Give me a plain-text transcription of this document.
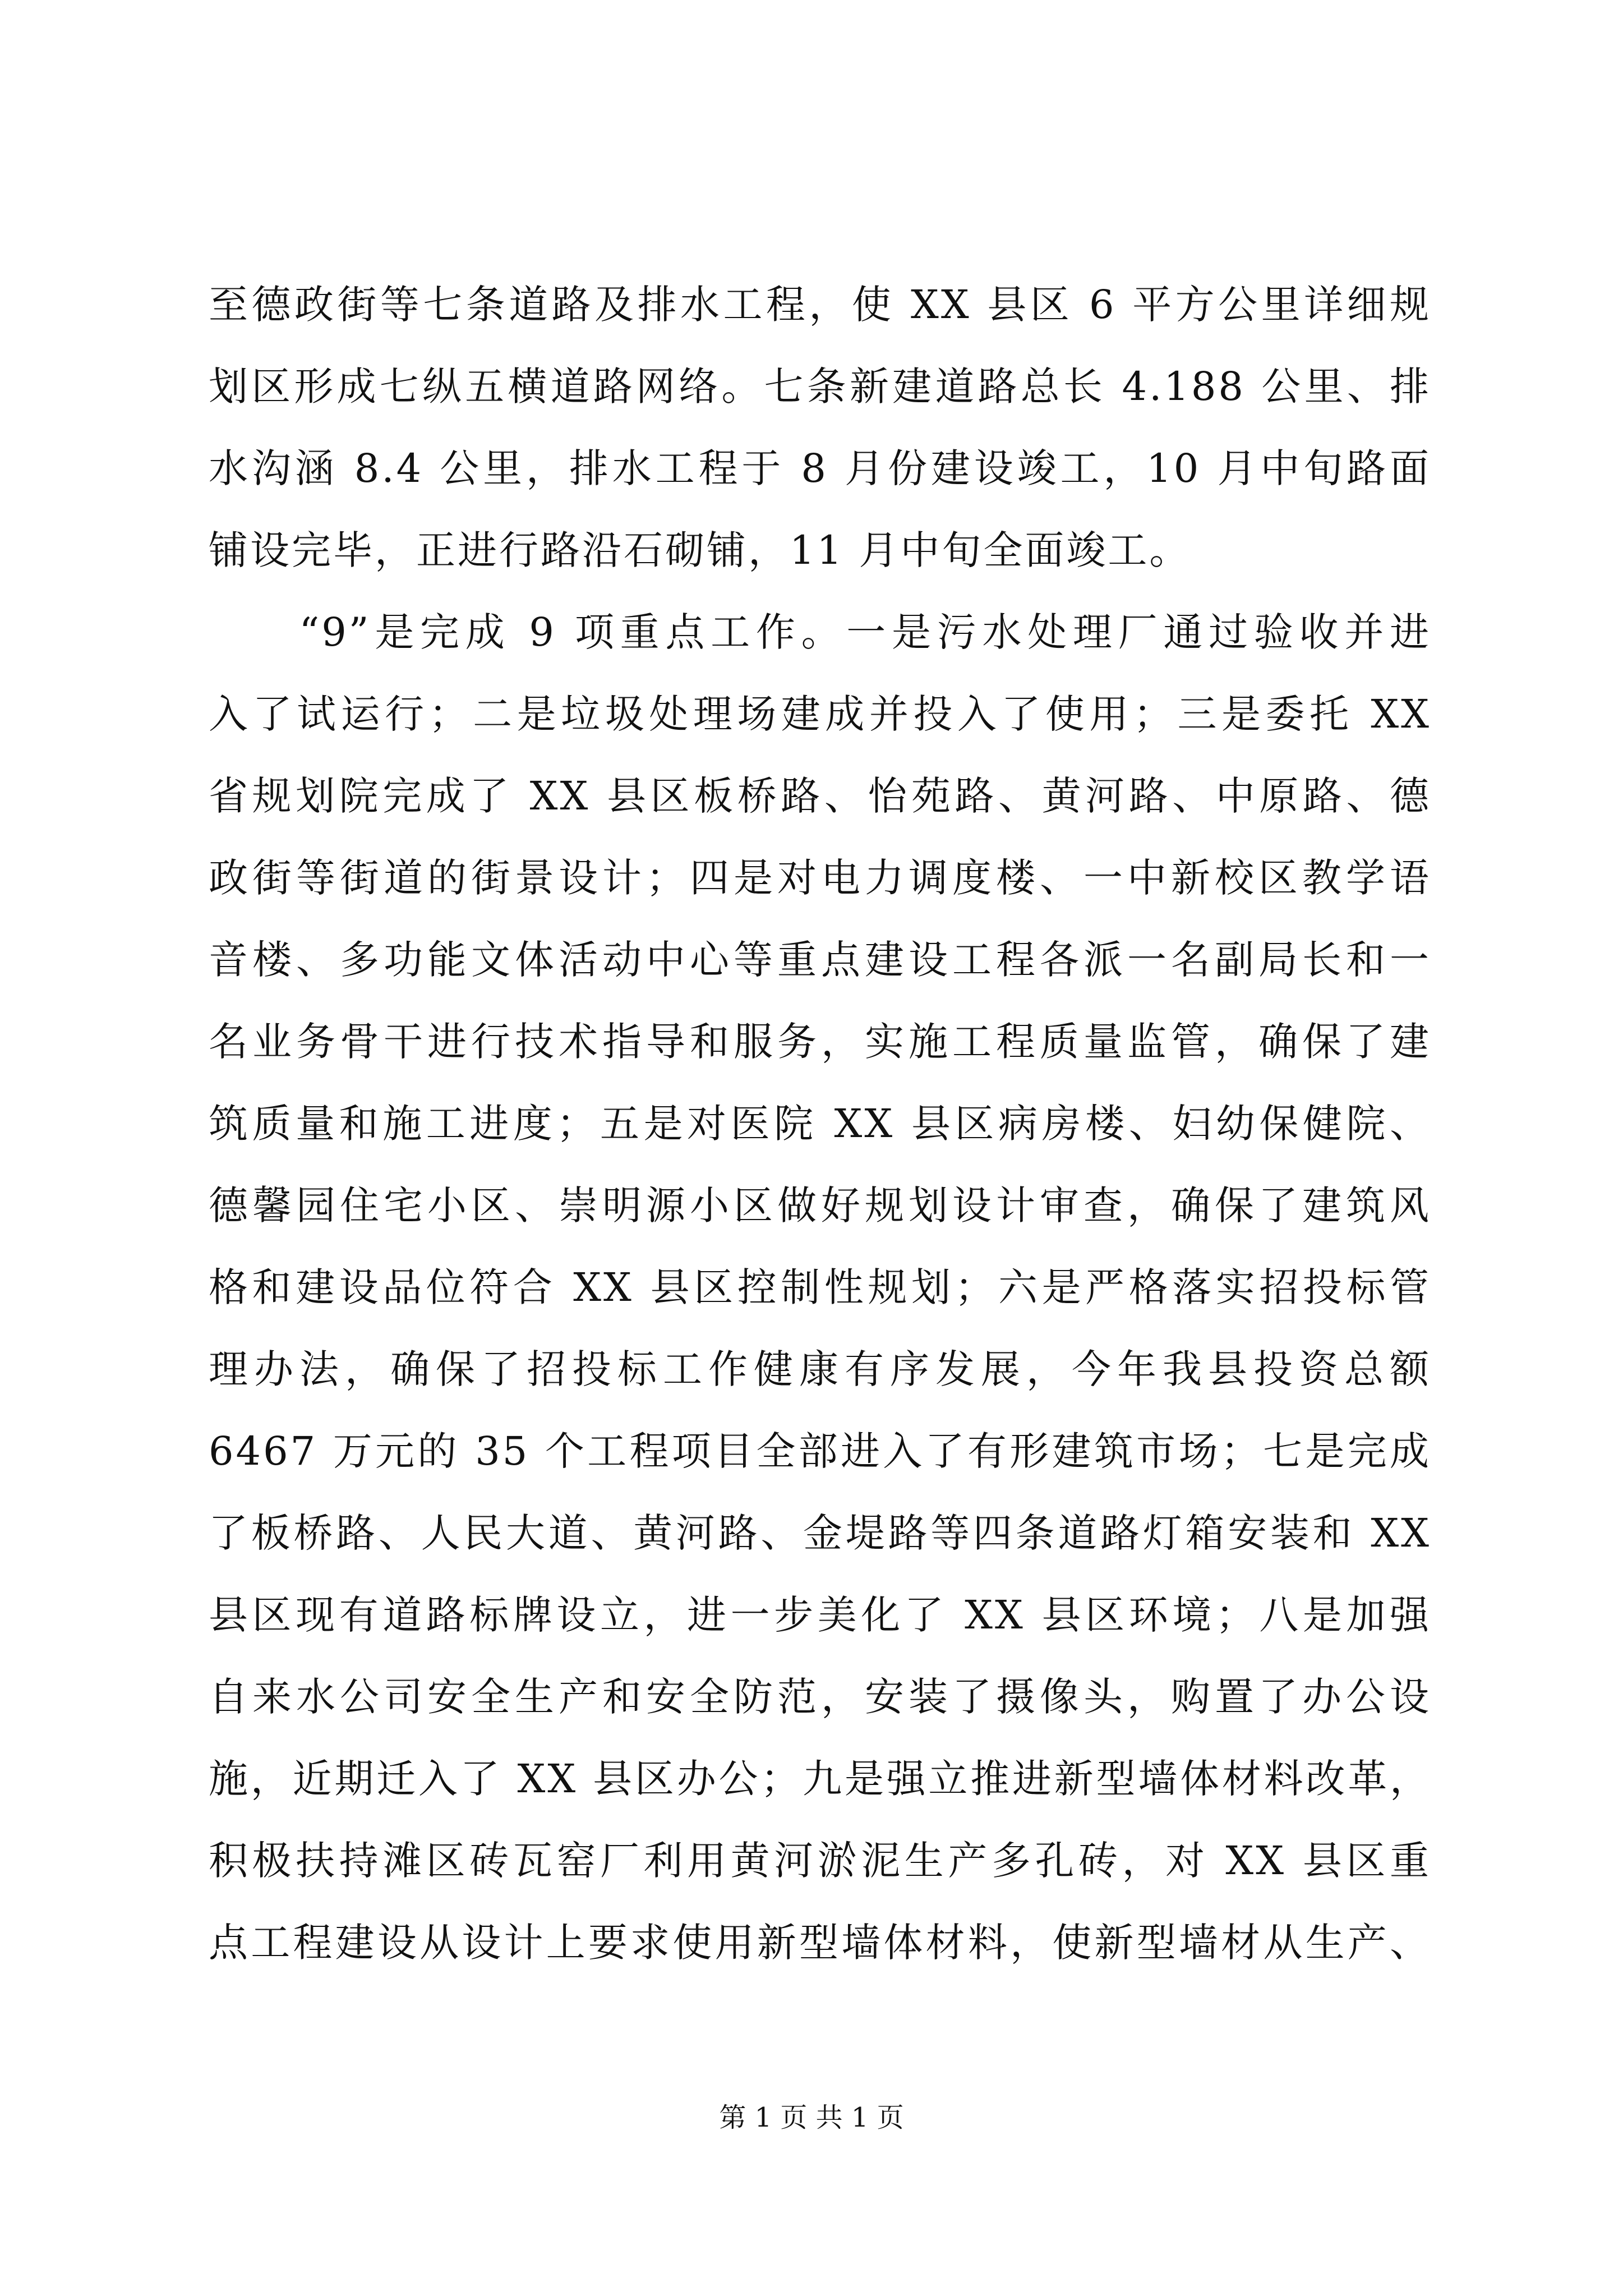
至德政街等七条道路及排水工程，使 XX 县区 6 平方公里详细规
划区形成七纵五横道路网络。七条新建道路总长 4.188 公里、排
水沟涵 8.4 公里，排水工程于 8 月份建设竣工，10 月中旬路面
铺设完毕，正进行路沿石砌铺，11 月中旬全面竣工。
　　“9”是完成 9 项重点工作。一是污水处理厂通过验收并进
入了试运行；二是垃圾处理场建成并投入了使用；三是委托 XX
省规划院完成了 XX 县区板桥路、怡苑路、黄河路、中原路、德
政街等街道的街景设计；四是对电力调度楼、一中新校区教学语
音楼、多功能文体活动中心等重点建设工程各派一名副局长和一
名业务骨干进行技术指导和服务，实施工程质量监管，确保了建
筑质量和施工进度；五是对医院 XX 县区病房楼、妇幼保健院、
德馨园住宅小区、崇明源小区做好规划设计审查，确保了建筑风
格和建设品位符合 XX 县区控制性规划；六是严格落实招投标管
理办法，确保了招投标工作健康有序发展，今年我县投资总额
6467 万元的 35 个工程项目全部进入了有形建筑市场；七是完成
了板桥路、人民大道、黄河路、金堤路等四条道路灯箱安装和 XX
县区现有道路标牌设立，进一步美化了 XX 县区环境；八是加强
自来水公司安全生产和安全防范，安装了摄像头，购置了办公设
施，近期迁入了 XX 县区办公；九是强立推进新型墙体材料改革，
积极扶持滩区砖瓦窑厂利用黄河淤泥生产多孔砖，对 XX 县区重
点工程建设从设计上要求使用新型墙体材料，使新型墙材从生产、
第 1 页 共 1 页
